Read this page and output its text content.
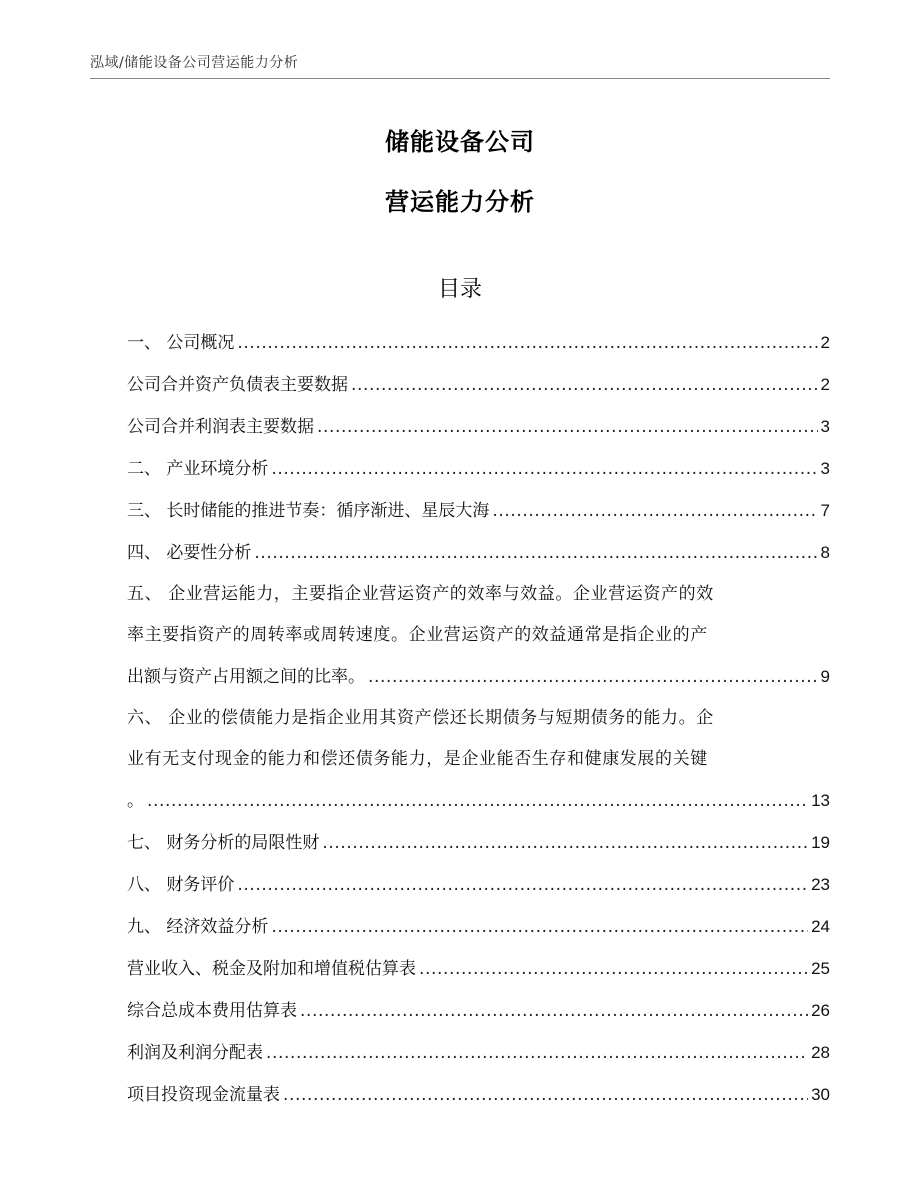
泓域/储能设备公司营运能力分析
储能设备公司
营运能力分析
目录
一、 公司概况 .....	2
公司合并资产负债表主要数据 .....	2
公司合并利润表主要数据 .....	3
二、 产业环境分析 .....	3
三、 长时储能的推进节奏：循序渐进、星辰大海 .....	7
四、 必要性分析 .....	8
五、 企业营运能力，主要指企业营运资产的效率与效益。企业营运资产的效
率主要指资产的周转率或周转速度。企业营运资产的效益通常是指企业的产
出额与资产占用额之间的比率。 .....	9
六、 企业的偿债能力是指企业用其资产偿还长期债务与短期债务的能力。企
业有无支付现金的能力和偿还债务能力，是企业能否生存和健康发展的关键
。 .....	13
七、 财务分析的局限性财 .....	19
八、 财务评价 .....	23
九、 经济效益分析 .....	24
营业收入、税金及附加和增值税估算表 .....	25
综合总成本费用估算表 .....	26
利润及利润分配表 .....	28
项目投资现金流量表 .....	30
